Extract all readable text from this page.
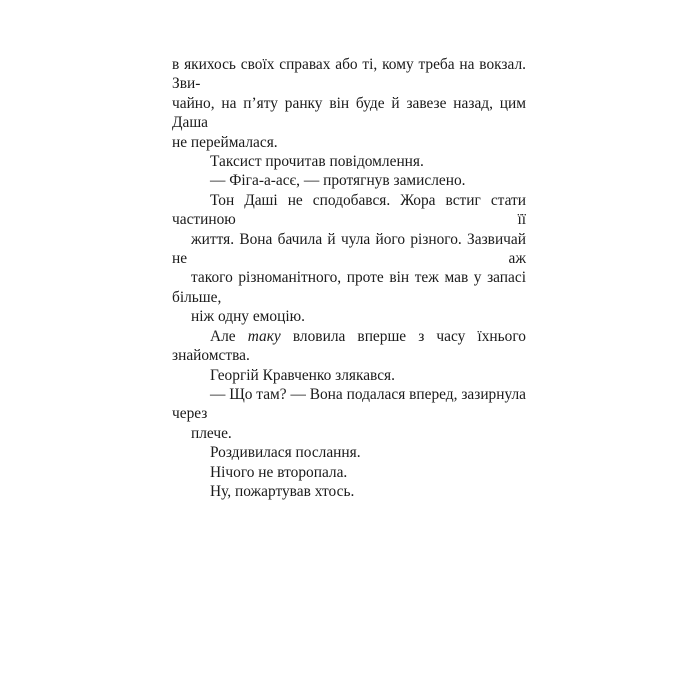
в якихось своїх справах або ті, кому треба на вокзал. Зви-
чайно, на п’яту ранку він буде й завезе назад, цим Даша
не переймалася.
Таксист прочитав повідомлення.
— Фіга-а-асє, — протягнув замислено.
Тон Даші не сподобався. Жора встиг стати частиною її
життя. Вона бачила й чула його різного. Зазвичай не аж
такого різноманітного, проте він теж мав у запасі більше,
ніж одну емоцію.
Але таку вловила вперше з часу їхнього знайомства.
Георгій Кравченко злякався.
— Що там? — Вона подалася вперед, зазирнула через
плече.
Роздивилася послання.
Нічого не второпала.
Ну, пожартував хтось.
